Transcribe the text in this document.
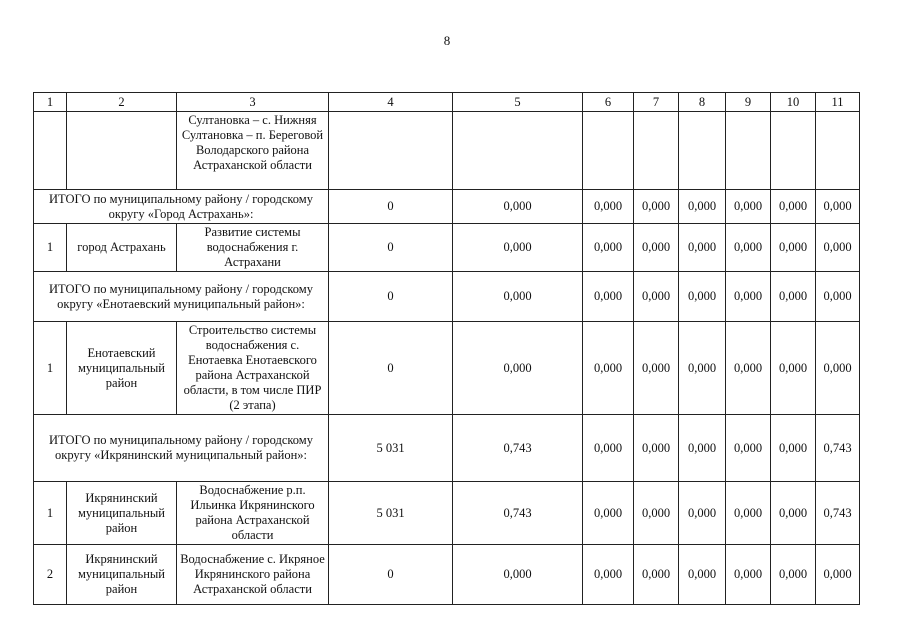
8
1	2	3	4	5	6	7	8	9	10	11
		Султановка – с. Нижняя Султановка – п. Береговой Володарского района Астраханской области								
ИТОГО по муниципальному району / городскому округу «Город Астрахань»:			0	0,000	0,000	0,000	0,000	0,000	0,000	0,000
1	город Астрахань	Развитие системы водоснабжения г. Астрахани	0	0,000	0,000	0,000	0,000	0,000	0,000	0,000
ИТОГО по муниципальному району / городскому округу «Енотаевский муниципальный район»:			0	0,000	0,000	0,000	0,000	0,000	0,000	0,000
1	Енотаевский муниципальный район	Строительство системы водоснабжения с. Енотаевка Енотаевского района Астраханской области, в том числе ПИР (2 этапа)	0	0,000	0,000	0,000	0,000	0,000	0,000	0,000
ИТОГО по муниципальному району / городскому округу «Икрянинский муниципальный район»:			5 031	0,743	0,000	0,000	0,000	0,000	0,000	0,743
1	Икрянинский муниципальный район	Водоснабжение р.п. Ильинка Икрянинского района Астраханской области	5 031	0,743	0,000	0,000	0,000	0,000	0,000	0,743
2	Икрянинский муниципальный район	Водоснабжение с. Икряное Икрянинского района Астраханской области	0	0,000	0,000	0,000	0,000	0,000	0,000	0,000
